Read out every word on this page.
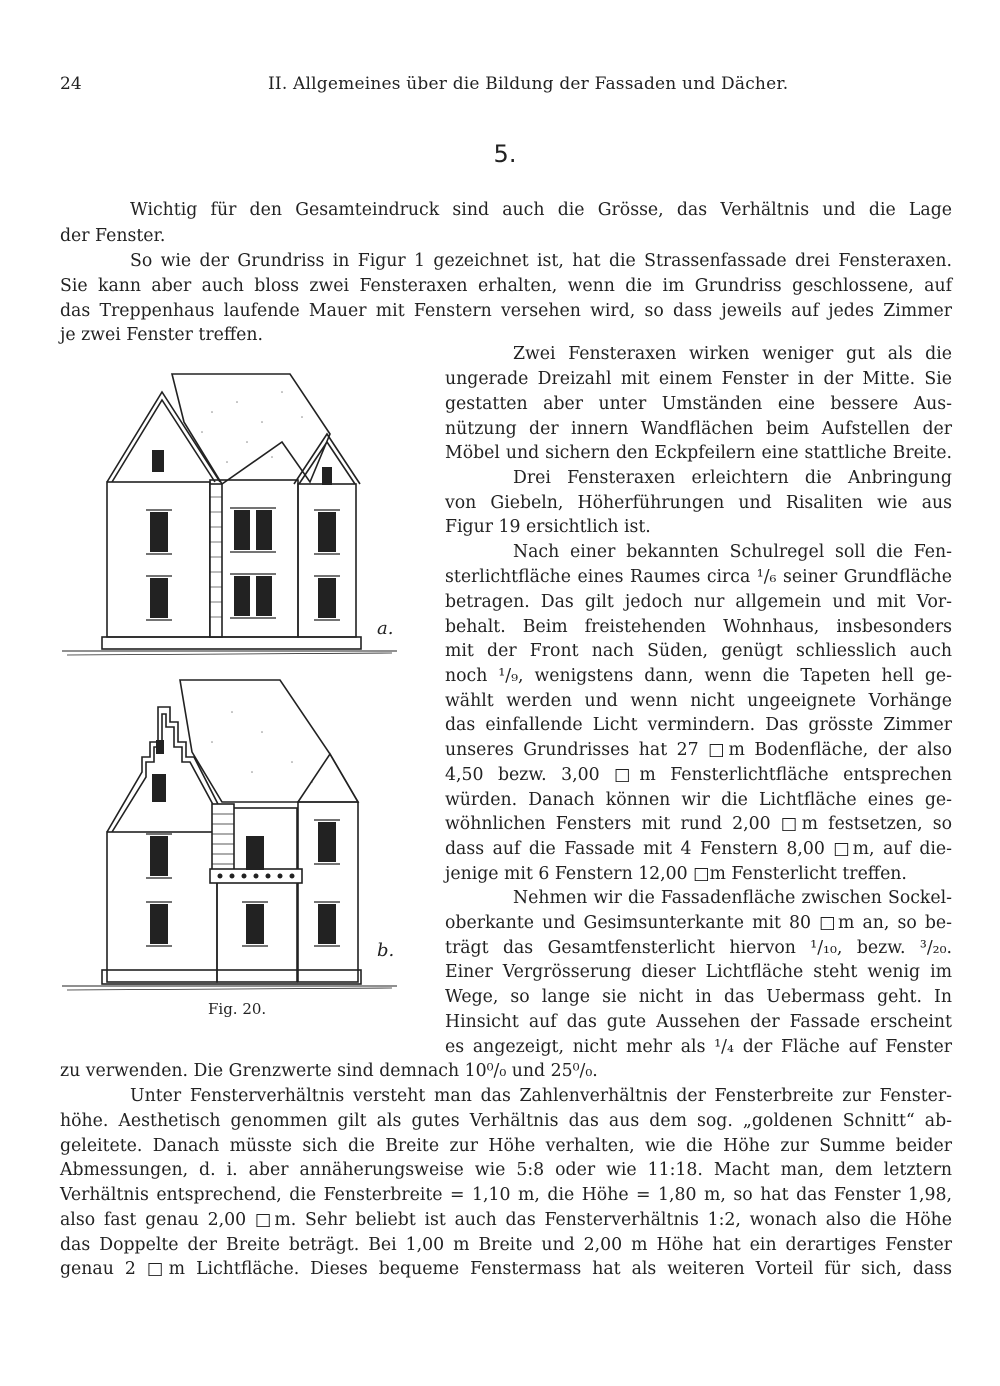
24	II. Allgemeines über die Bildung der Fassaden und Dächer.
5.
Wichtig für den Gesamteindruck sind auch die Grösse, das Verhältnis und die Lage
der Fenster.
So wie der Grundriss in Figur 1 gezeichnet ist, hat die Strassenfassade drei Fensteraxen.
Sie kann aber auch bloss zwei Fensteraxen erhalten, wenn die im Grundriss geschlossene, auf
das Treppenhaus laufende Mauer mit Fenstern versehen wird, so dass jeweils auf jedes Zimmer
je zwei Fenster treffen.
Zwei Fensteraxen wirken weniger gut als die
ungerade Dreizahl mit einem Fenster in der Mitte. Sie
gestatten aber unter Umständen eine bessere Aus-
nützung der innern Wandflächen beim Aufstellen der
Möbel und sichern den Eckpfeilern eine stattliche Breite.
Drei Fensteraxen erleichtern die Anbringung
von Giebeln, Höherführungen und Risaliten wie aus
Figur 19 ersichtlich ist.
Nach einer bekannten Schulregel soll die Fen-
sterlichtfläche eines Raumes circa ¹/₆ seiner Grundfläche
betragen. Das gilt jedoch nur allgemein und mit Vor-
behalt. Beim freistehenden Wohnhaus, insbesonders
mit der Front nach Süden, genügt schliesslich auch
noch ¹/₉, wenigstens dann, wenn die Tapeten hell ge-
wählt werden und wenn nicht ungeeignete Vorhänge
das einfallende Licht vermindern. Das grösste Zimmer
unseres Grundrisses hat 27 □m Bodenfläche, der also
4,50 bezw. 3,00 □m Fensterlichtfläche entsprechen
würden. Danach können wir die Lichtfläche eines ge-
wöhnlichen Fensters mit rund 2,00 □m festsetzen, so
dass auf die Fassade mit 4 Fenstern 8,00 □m, auf die-
jenige mit 6 Fenstern 12,00 □m Fensterlicht treffen.
Nehmen wir die Fassadenfläche zwischen Sockel-
oberkante und Gesimsunterkante mit 80 □m an, so be-
trägt das Gesamtfensterlicht hiervon ¹/₁₀, bezw. ³/₂₀.
Einer Vergrösserung dieser Lichtfläche steht wenig im
Wege, so lange sie nicht in das Uebermass geht. In
Hinsicht auf das gute Aussehen der Fassade erscheint
es angezeigt, nicht mehr als ¹/₄ der Fläche auf Fenster
zu verwenden. Die Grenzwerte sind demnach 10⁰/₀ und 25⁰/₀.
Unter Fensterverhältnis versteht man das Zahlenverhältnis der Fensterbreite zur Fenster-
höhe. Aesthetisch genommen gilt als gutes Verhältnis das aus dem sog. „goldenen Schnitt“ ab-
geleitete. Danach müsste sich die Breite zur Höhe verhalten, wie die Höhe zur Summe beider
Abmessungen, d. i. aber annäherungsweise wie 5:8 oder wie 11:18. Macht man, dem letztern
Verhältnis entsprechend, die Fensterbreite = 1,10 m, die Höhe = 1,80 m, so hat das Fenster 1,98,
also fast genau 2,00 □m. Sehr beliebt ist auch das Fensterverhältnis 1:2, wonach also die Höhe
das Doppelte der Breite beträgt. Bei 1,00 m Breite und 2,00 m Höhe hat ein derartiges Fenster
genau 2 □m Lichtfläche. Dieses bequeme Fenstermass hat als weiteren Vorteil für sich, dass
a.
b.
Fig. 20.
